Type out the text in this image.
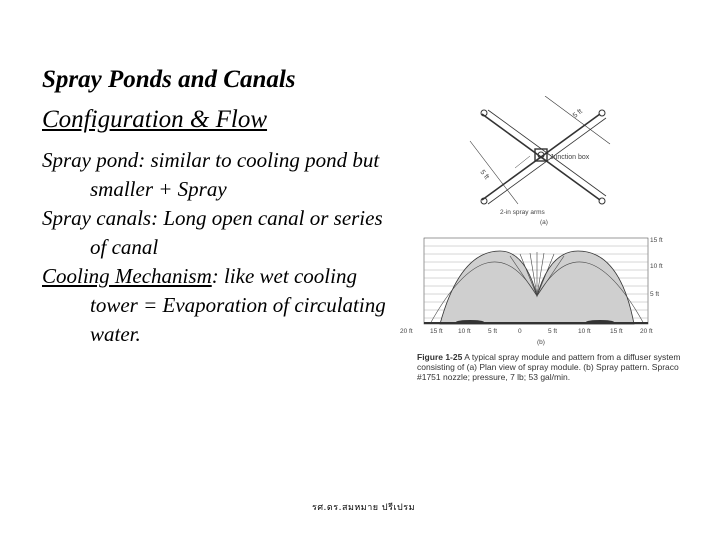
Spray Ponds and Canals
Configuration & Flow

Spray pond: similar to cooling pond but smaller + Spray

Spray canals: Long open canal or series of canal

Cooling Mechanism: like wet cooling tower = Evaporation of circulating water.

5 ft
5 ft
Junction box
2-in spray arms
(a)
15 ft
10 ft
5 ft
20 ft	15 ft 10 ft	5 ft	0	5 ft	10 ft	15 ft	20 ft
(b)
Figure 1-25 A typical spray module and pattern from a diffuser system consisting of (a) Plan view of spray module. (b) Spray pattern. Spraco #1751 nozzle; pressure, 7 lb; 53 gal/min.
รศ.ดร.สมหมาย ปรีเปรม
